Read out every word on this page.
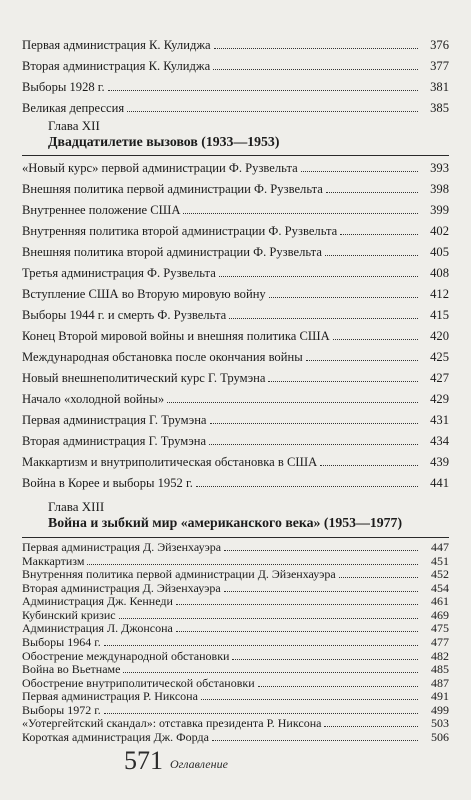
Первая администрация К. Кулиджа	376
Вторая администрация К. Кулиджа	377
Выборы 1928 г.	381
Великая депрессия	385
Глава XII
Двадцатилетие вызовов (1933—1953)
«Новый курс» первой администрации Ф. Рузвельта	393
Внешняя политика первой администрации Ф. Рузвельта	398
Внутреннее положение США	399
Внутренняя политика второй администрации Ф. Рузвельта	402
Внешняя политика второй администрации Ф. Рузвельта	405
Третья администрация Ф. Рузвельта	408
Вступление США во Вторую мировую войну	412
Выборы 1944 г. и смерть Ф. Рузвельта	415
Конец Второй мировой войны и внешняя политика США	420
Международная обстановка после окончания войны	425
Новый внешнеполитический курс Г. Трумэна	427
Начало «холодной войны»	429
Первая администрация Г. Трумэна	431
Вторая администрация Г. Трумэна	434
Маккартизм и внутриполитическая обстановка в США	439
Война в Корее и выборы 1952 г.	441
Глава XIII
Война и зыбкий мир «американского века» (1953—1977)
Первая администрация Д. Эйзенхауэра	447
Маккартизм	451
Внутренняя политика первой администрации Д. Эйзенхауэра	452
Вторая администрация Д. Эйзенхауэра	454
Администрация Дж. Кеннеди	461
Кубинский кризис	469
Администрация Л. Джонсона	475
Выборы 1964 г.	477
Обострение международной обстановки	482
Война во Вьетнаме	485
Обострение внутриполитической обстановки	487
Первая администрация Р. Никсона	491
Выборы 1972 г.	499
«Уотергейтский скандал»: отставка президента Р. Никсона	503
Короткая администрация Дж. Форда	506
571 Оглавление
